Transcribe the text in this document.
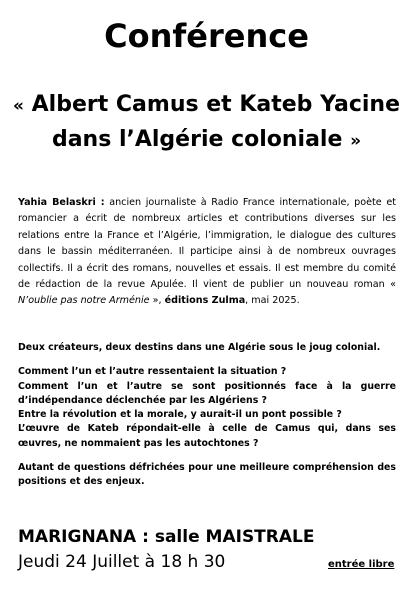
Conférence
« Albert Camus et Kateb Yacine
dans l’Algérie coloniale »
Yahia Belaskri : ancien journaliste à Radio France internationale, poète et romancier a écrit de nombreux articles et contributions diverses sur les relations entre la France et l’Algérie, l’immigration, le dialogue des cultures dans le bassin méditerranéen. Il participe ainsi à de nombreux ouvrages collectifs. Il a écrit des romans, nouvelles et essais. Il est membre du comité de rédaction de la revue Apulée. Il vient de publier un nouveau roman « N’oublie pas notre Arménie », éditions Zulma, mai 2025.

Deux créateurs, deux destins dans une Algérie sous le joug colonial.

Comment l’un et l’autre ressentaient la situation ?

Comment l’un et l’autre se sont positionnés face à la guerre d’indépendance déclenchée par les Algériens ?

Entre la révolution et la morale, y aurait-il un pont possible ?

L’œuvre de Kateb répondait-elle à celle de Camus qui, dans ses œuvres, ne nommaient pas les autochtones ?

Autant de questions défrichées pour une meilleure compréhension des positions et des enjeux.

MARIGNANA : salle MAISTRALE
Jeudi 24 Juillet à 18 h 30	entrée libre
